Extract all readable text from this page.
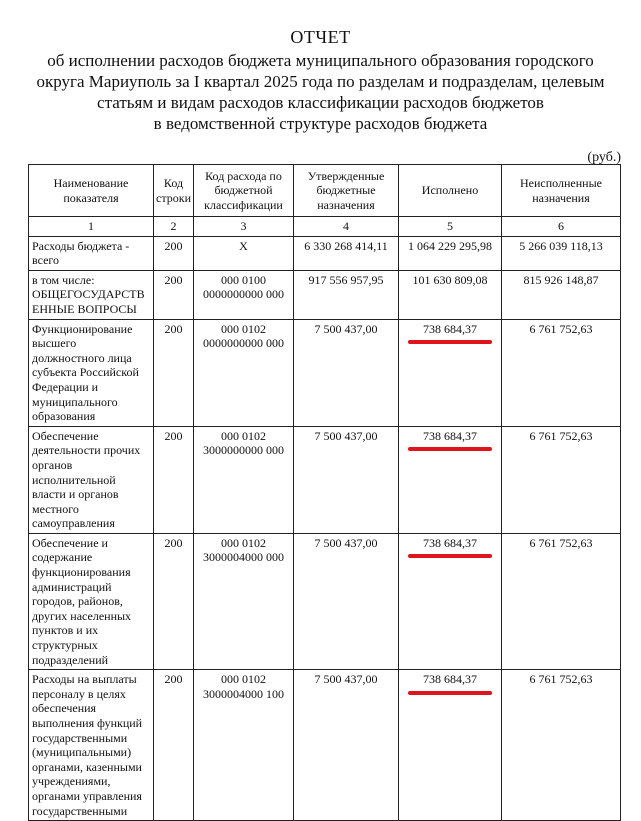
ОТЧЕТ
об исполнении расходов бюджета муниципального образования городского
округа Мариуполь за I квартал 2025 года по разделам и подразделам, целевым
статьям и видам расходов классификации расходов бюджетов
в ведомственной структуре расходов бюджета
(руб.)
Наименование показателя	Код строки	Код расхода по бюджетной классификации	Утвержденные бюджетные назначения	Исполнено	Неисполненные назначения
1	2	3	4	5	6
Расходы бюджета - всего	200	X	6 330 268 414,11	1 064 229 295,98	5 266 039 118,13
в том числе: ОБЩЕГОСУДАРСТВ ЕННЫЕ ВОПРОСЫ	200	000 0100 0000000000 000	917 556 957,95	101 630 809,08	815 926 148,87
Функционирование высшего должностного лица субъекта Российской Федерации и муниципального образования	200	000 0102 0000000000 000	7 500 437,00	738 684,37	6 761 752,63
Обеспечение деятельности прочих органов исполнительной власти и органов местного самоуправления	200	000 0102 3000000000 000	7 500 437,00	738 684,37	6 761 752,63
Обеспечение и содержание функционирования администраций городов, районов, других населенных пунктов и их структурных подразделений	200	000 0102 3000004000 000	7 500 437,00	738 684,37	6 761 752,63
Расходы на выплаты персоналу в целях обеспечения выполнения функций государственными (муниципальными) органами, казенными учреждениями, органами управления государственными	200	000 0102 3000004000 100	7 500 437,00	738 684,37	6 761 752,63
